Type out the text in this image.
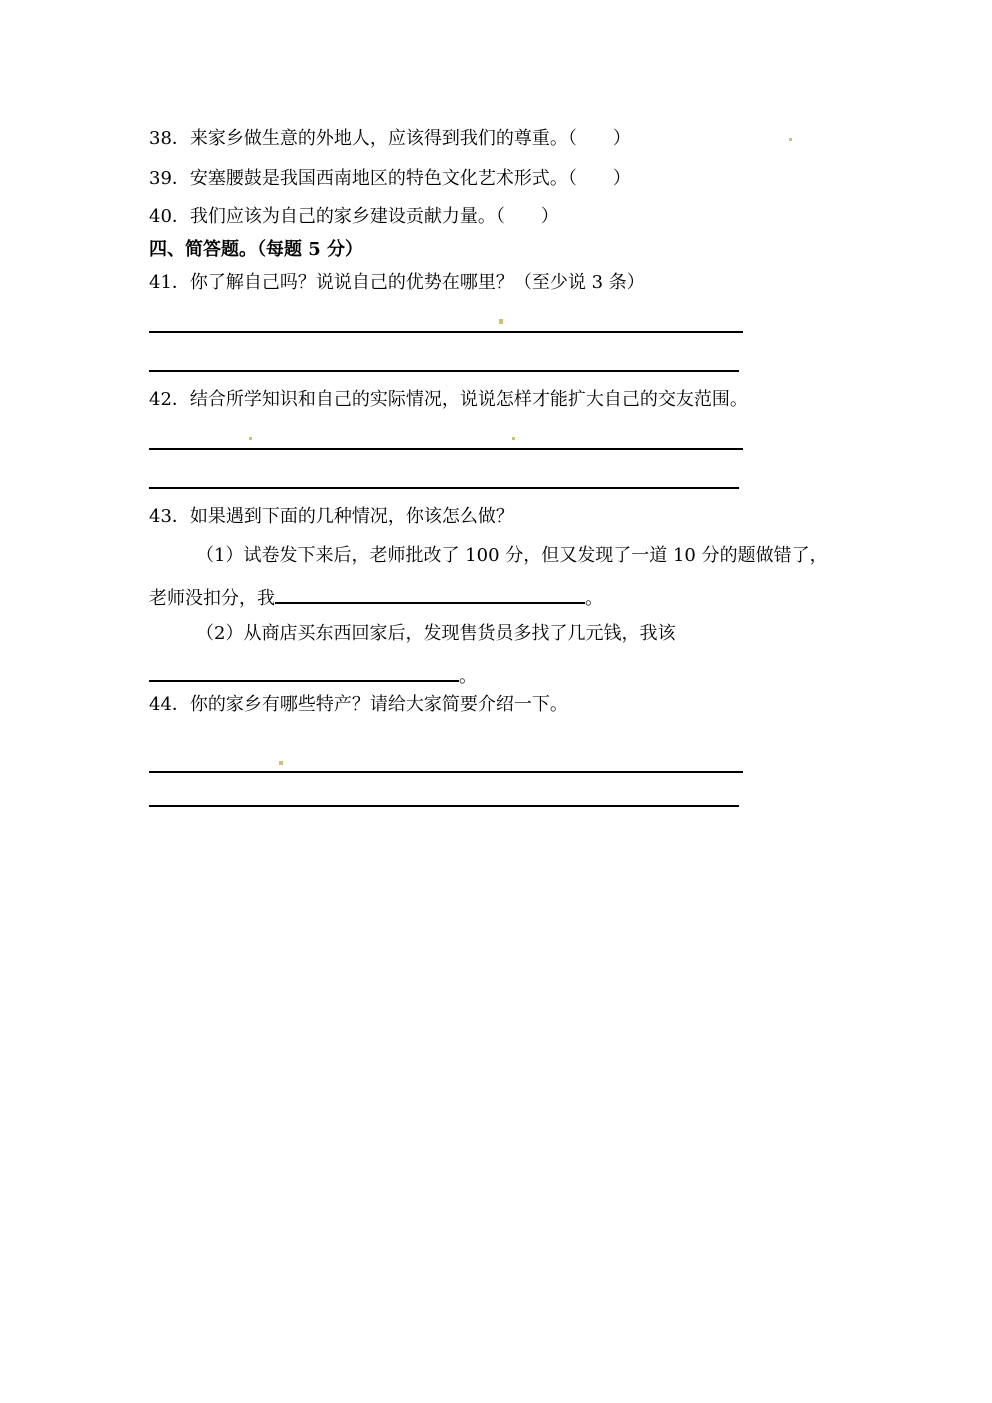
38．来家乡做生意的外地人，应该得到我们的尊重。（　　）
39．安塞腰鼓是我国西南地区的特色文化艺术形式。（　　）
40．我们应该为自己的家乡建设贡献力量。（　　）
四、简答题。（每题 5 分）
41．你了解自己吗？说说自己的优势在哪里？（至少说 3 条）
42．结合所学知识和自己的实际情况，说说怎样才能扩大自己的交友范围。
43．如果遇到下面的几种情况，你该怎么做？
（1）试卷发下来后，老师批改了 100 分，但又发现了一道 10 分的题做错了，
老师没扣分，我	。
（2）从商店买东西回家后，发现售货员多找了几元钱，我该
。
44．你的家乡有哪些特产？请给大家简要介绍一下。
